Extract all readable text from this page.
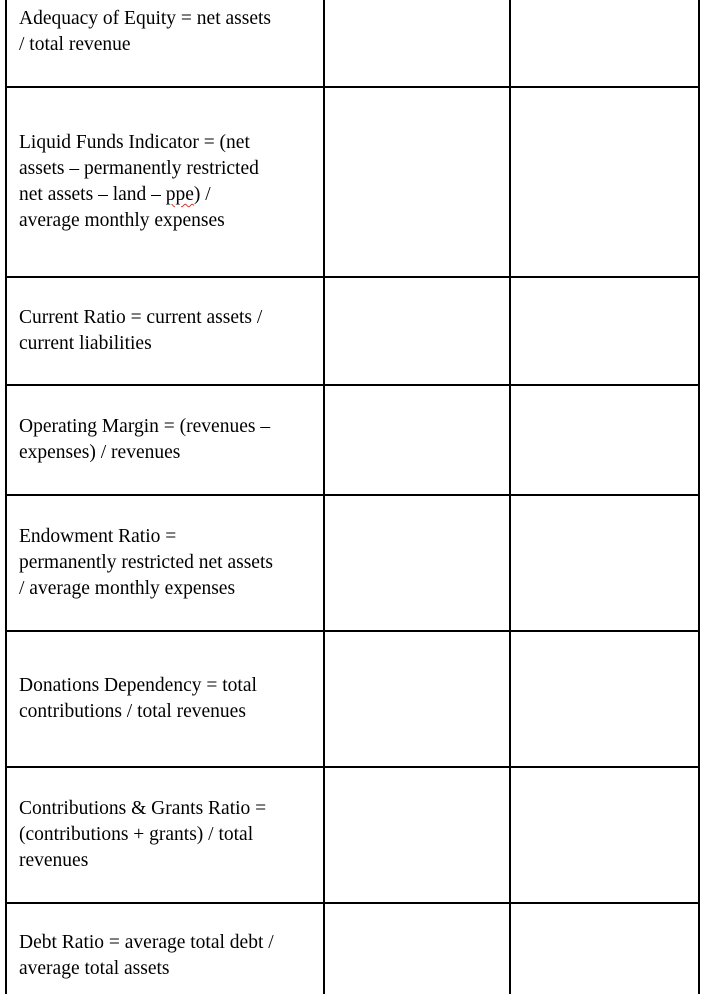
Adequacy of Equity = net assets
/ total revenue		

Liquid Funds Indicator = (net
assets – permanently restricted
net assets – land – ppe) /
average monthly expenses		

Current Ratio = current assets /
current liabilities		

Operating Margin = (revenues –
expenses) / revenues		

Endowment Ratio =
permanently restricted net assets
/ average monthly expenses		

Donations Dependency = total
contributions / total revenues		

Contributions & Grants Ratio =
(contributions + grants) / total
revenues		

Debt Ratio = average total debt /
average total assets		
